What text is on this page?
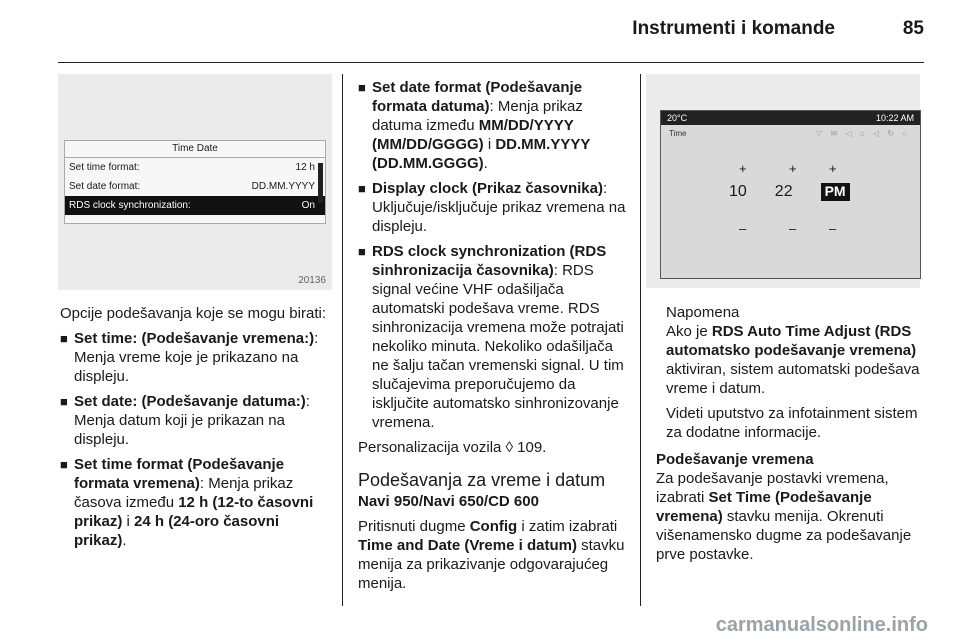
Instrumenti i komande	85
Time Date
Set time format:	12 h
Set date format:	DD.MM.YYYY
RDS clock synchronization:	On
20136

Opcije podešavanja koje se mogu birati:

■ Set time: (Podešavanje vremena:): Menja vreme koje je prikazano na displeju.
■ Set date: (Podešavanje datuma:): Menja datum koji je prikazan na displeju.
■ Set time format (Podešavanje formata vremena): Menja prikaz časova između 12 h (12-to časovni prikaz) i 24 h (24-oro časovni prikaz).
■ Set date format (Podešavanje formata datuma): Menja prikaz datuma između MM/DD/YYYY (MM/DD/GGGG) i DD.MM.YYYY (DD.MM.GGGG).
■ Display clock (Prikaz časovnika): Uključuje/isključuje prikaz vremena na displeju.
■ RDS clock synchronization (RDS sinhronizacija časovnika): RDS signal većine VHF odašiljača automatski podešava vreme. RDS sinhronizacija vremena može potrajati nekoliko minuta. Nekoliko odašiljača ne šalju tačan vremenski signal. U tim slučajevima preporučujemo da isključite automatsko sinhronizovanje vremena.

Personalizacija vozila ◊ 109.

Podešavanja za vreme i datum
Navi 950/Navi 650/CD 600

Pritisnuti dugme Config i zatim izabrati Time and Date (Vreme i datum) stavku menija za prikazivanje odgovarajućeg menija.

20°C	10:22 AM
Time	▽ ✉ ◁ ⌂ ◁ ↻ ○
+	+ +
10 22 PM
–	–	–
Napomena

Ako je RDS Auto Time Adjust (RDS automatsko podešavanje vremena) aktiviran, sistem automatski podešava vreme i datum.

Videti uputstvo za infotainment sistem za dodatne informacije.

Podešavanje vremena

Za podešavanje postavki vremena, izabrati Set Time (Podešavanje vremena) stavku menija. Okrenuti višenamensko dugme za podešavanje prve postavke.

carmanualsonline.info
